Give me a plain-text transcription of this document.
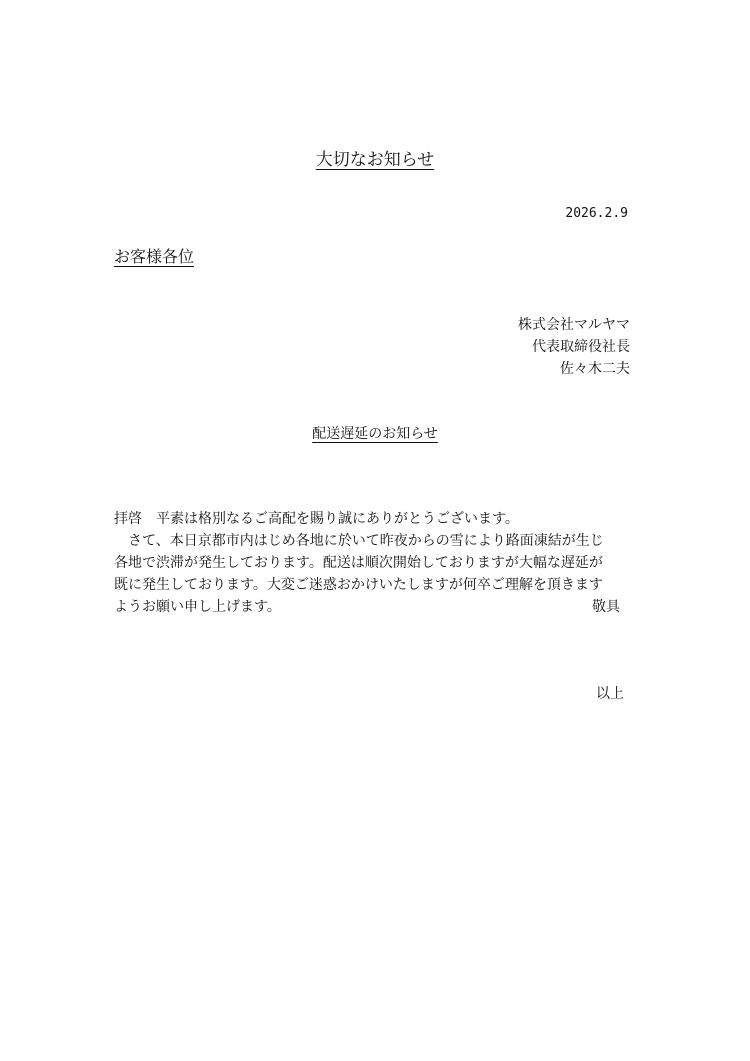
大切なお知らせ
2026.2.9
お客様各位
株式会社マルヤマ
代表取締役社長
佐々木二夫
配送遅延のお知らせ
拝啓　平素は格別なるご高配を賜り誠にありがとうございます。
　さて、本日京都市内はじめ各地に於いて昨夜からの雪により路面凍結が生じ
各地で渋滞が発生しております。配送は順次開始しておりますが大幅な遅延が
既に発生しております。大変ご迷惑おかけいたしますが何卒ご理解を頂きます
ようお願い申し上げます。	敬具
以上
